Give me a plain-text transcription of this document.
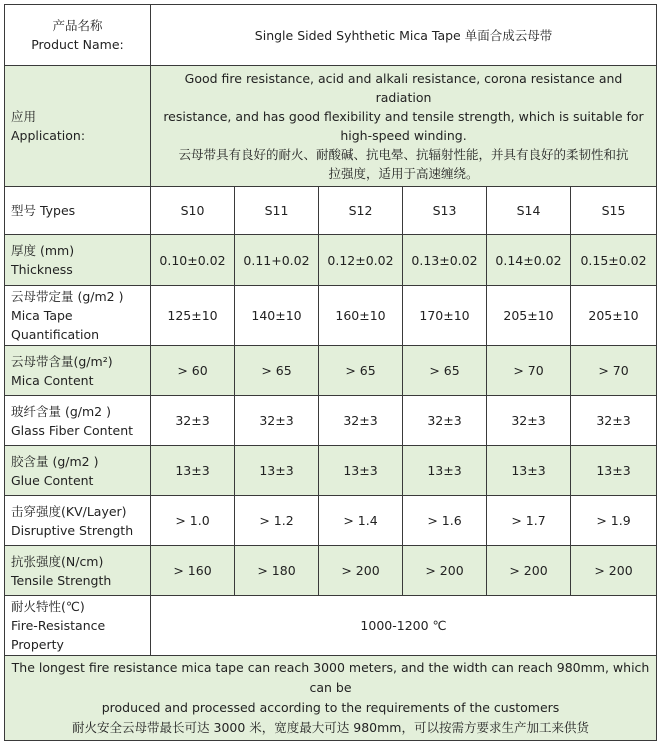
产品名称
Product Name:	Single Sided Syhthetic Mica Tape 单面合成云母带					

应用
Application:	Good fire resistance, acid and alkali resistance, corona resistance and radiation
resistance, and has good flexibility and tensile strength, which is suitable for
high-speed winding.
云母带具有良好的耐火、耐酸碱、抗电晕、抗辐射性能，并具有良好的柔韧性和抗
拉强度，适用于高速缠绕。					

型号 Types	S10	S11	S12	S13	S14	S15

厚度 (mm)
Thickness	0.10±0.02	0.11+0.02	0.12±0.02	0.13±0.02	0.14±0.02	0.15±0.02

云母带定量 (g/m2 )
Mica Tape
Quantification	125±10	140±10	160±10	170±10	205±10	205±10

云母带含量(g/m²)
Mica Content	> 60	> 65	> 65	> 65	> 70	> 70

玻纤含量 (g/m2 )
Glass Fiber Content	32±3	32±3	32±3	32±3	32±3	32±3

胶含量 (g/m2 )
Glue Content	13±3	13±3	13±3	13±3	13±3	13±3

击穿强度(KV/Layer)
Disruptive Strength	> 1.0	> 1.2	> 1.4	> 1.6	> 1.7	> 1.9

抗张强度(N/cm)
Tensile Strength	> 160	> 180	> 200	> 200	> 200	> 200

耐火特性(℃)
Fire-Resistance
Property	1000-1200 ℃					

The longest fire resistance mica tape can reach 3000 meters, and the width can reach 980mm, which can be
produced and processed according to the requirements of the customers
耐火安全云母带最长可达 3000 米，宽度最大可达 980mm，可以按需方要求生产加工来供货						
